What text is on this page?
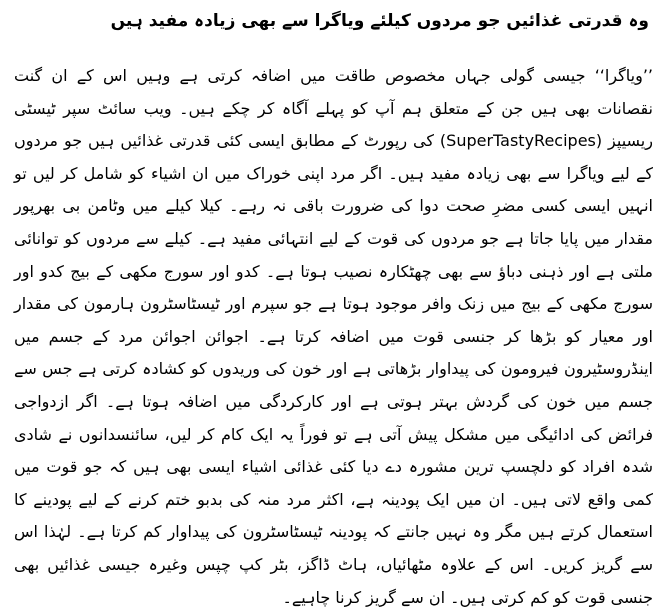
وہ قدرتی غذائیں جو مردوں کیلئے ویاگرا سے بھی زیادہ مفید ہیں

’’ویاگرا‘‘ جیسی گولی جہاں مخصوص طاقت میں اضافہ کرتی ہے وہیں اس کے ان گنت نقصانات بھی ہیں جن کے متعلق ہم آپ کو پہلے آگاہ کر چکے ہیں۔ ویب سائٹ سپر ٹیسٹی ریسیپز (SuperTastyRecipes) کی رپورٹ کے مطابق ایسی کئی قدرتی غذائیں ہیں جو مردوں کے لیے ویاگرا سے بھی زیادہ مفید ہیں۔ اگر مرد اپنی خوراک میں ان اشیاء کو شامل کر لیں تو انہیں ایسی کسی مضرِ صحت دوا کی ضرورت باقی نہ رہے۔ کیلا کیلے میں وٹامن بی بھرپور مقدار میں پایا جاتا ہے جو مردوں کی قوت کے لیے انتہائی مفید ہے۔ کیلے سے مردوں کو توانائی ملتی ہے اور ذہنی دباؤ سے بھی چھٹکارہ نصیب ہوتا ہے۔ کدو اور سورج مکھی کے بیج کدو اور سورج مکھی کے بیج میں زنک وافر موجود ہوتا ہے جو سپرم اور ٹیسٹاسٹرون ہارمون کی مقدار اور معیار کو بڑھا کر جنسی قوت میں اضافہ کرتا ہے۔ اجوائن اجوائن مرد کے جسم میں اینڈروسٹیرون فیرومون کی پیداوار بڑھاتی ہے اور خون کی وریدوں کو کشادہ کرتی ہے جس سے جسم میں خون کی گردش بہتر ہوتی ہے اور کارکردگی میں اضافہ ہوتا ہے۔ اگر ازدواجی فرائض کی ادائیگی میں مشکل پیش آتی ہے تو فوراً یہ ایک کام کر لیں، سائنسدانوں نے شادی شدہ افراد کو دلچسپ ترین مشورہ دے دیا کئی غذائی اشیاء ایسی بھی ہیں کہ جو قوت میں کمی واقع لاتی ہیں۔ ان میں ایک پودینہ ہے، اکثر مرد منہ کی بدبو ختم کرنے کے لیے پودینے کا استعمال کرتے ہیں مگر وہ نہیں جانتے کہ پودینہ ٹیسٹاسٹرون کی پیداوار کم کرتا ہے۔ لہٰذا اس سے گریز کریں۔ اس کے علاوہ مٹھائیاں، ہاٹ ڈاگز، بٹر کپ چپس وغیرہ جیسی غذائیں بھی جنسی قوت کو کم کرتی ہیں۔ ان سے گریز کرنا چاہیے۔
